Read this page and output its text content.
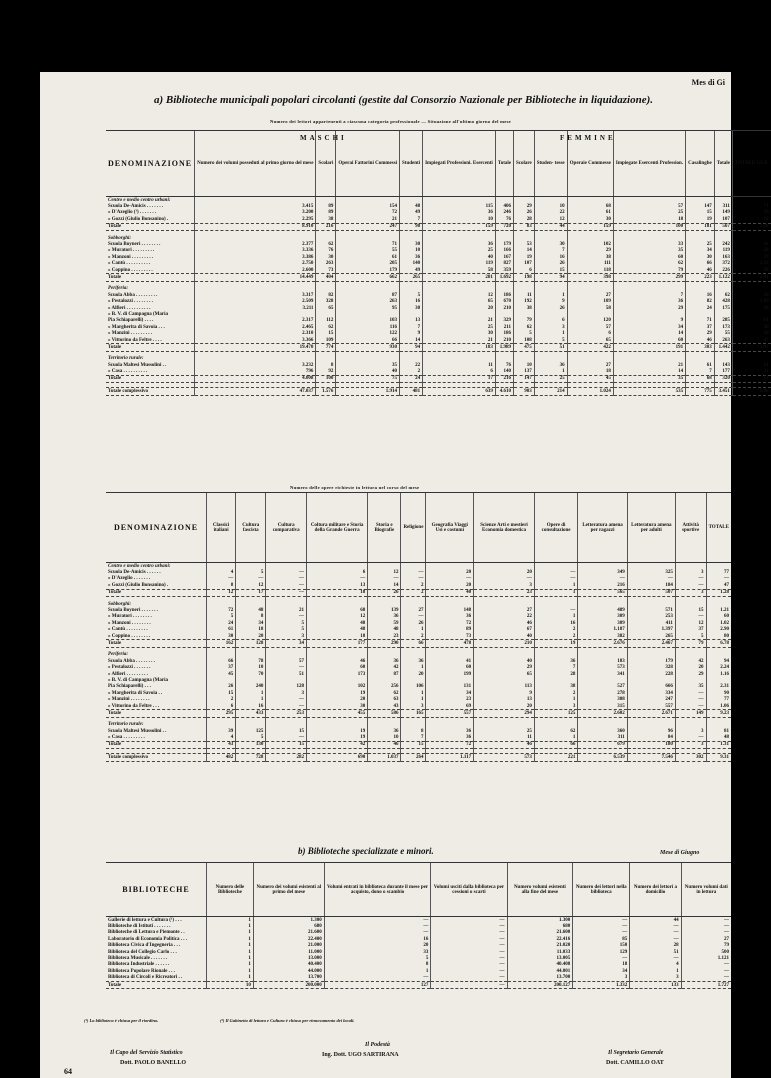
Mes di Gi
a) Biblioteche municipali popolari circolanti (gestite dal Consorzio Nazionale per Biblioteche in liquidazione).
Numero dei lettori appartenenti a ciascuna categoria professionale — Situazione all'ultimo giorno del mese
DENOMINAZIONE	Numero dei volumi posseduti al primo giorno del mese	Scolari	Operai Fattorini Commessi	Studenti	Impiegati Professioni. Esercenti	Totale	Scolare	Studen- tesse	Operaie Commesse	Impiegate Esercenti Profession.	Casalinghe	Totale	TOTALE GEN.
Centro e medio centro urbani:													
Scuola De-Amicis . . . . . . .	3.415	89	154	48	115	406	29	10	68	57	147	311	71
» D'Azeglio (¹) . . . . . . .	3.200	89	72	49	36	246	26	22	61	25	15	149	39
» Gozzi (Giulio Bonsanino) .	2.295	38	21	7	10	76	28	12	30	18	19	107	18
Totale	8.910	216	247	98	159	720	83	44	159	100	181	567	1.28

Sobborghi:													
Scuola Boyneri . . . . . . . .	2.377	62	71	30	36	179	53	30	102	33	25	242	42
» Muratori . . . . . . . . .	3.336	76	55	10	25	166	14	7	29	35	34	119	28
» Manzoni . . . . . . . . .	3.386	30	61	36	40	167	19	16	38	60	30	163	33
» Cantù . . . . . . . . . .	2.750	263	205	140	119	827	107	26	111	62	66	372	1.19
» Coppino . . . . . . . . .	2.600	73	179	49	58	359	6	15	118	79	46	226	58
Totale	14.449	404	662	265	281	1.692	198	94	398	299	223	1.122	2.81

Periferia:													
Scuola Abba . . . . . . . . .	3.317	82	87	5	12	186	11	1	27	7	16	62	24
» Pestalozzi . . . . . . . .	2.509	328	263	16	65	670	192	9	109	36	82	428	1.09
» Alfieri . . . . . . . . . .	3.211	65	95	30	20	210	38	26	58	29	24	175	38
» B. V. di Campagna (Maria													
Pia Schiaparelli) . . . .	2.317	112	103	13	21	329	79	6	120	9	71	285	61
» Margherita di Savoia . . .	2.465	62	116	7	25	211	62	3	57	34	37	173	38
» Manzini . . . . . . . . .	2.310	15	122	9	30	186	5	1	6	14	29	55	24
» Vittorino da Feltre . . . .	3.366	109	66	14	21	210	108	5	65	60	46	263	47
Totale	19.470	774	930	94	183	1.989	475	51	422	191	303	1.442	3.43

Territorio rurale:													
Scuola Maltesi Mussolini . .	3.232	8	35	22	11	76	10	36	27	21	61	143	21
» Casa . . . . . . . . . .	796	92	40	2	6	140	137	1	18	14	7	177	31
Totale	4.008	100	75	24	17	216	147	25	45	35	68	320	53

Totale complessivo	47.037	1.576	1.914	481	639	4.610	903	214	1.024	535	775	3.451	8.06
MASCHI	FEMMINE
Numero delle opere richieste in lettura nel corso del mese
DENOMINAZIONE	Classici italiani	Cultura fascista	Cultura comparativa	Coltura militare e Storia della Grande Guerra	Storia e Biografie	Religione	Geografia Viaggi Usi e costumi	Scienze Arti e mestieri Economia domestica	Opere di consultazione	Letteratura amena per ragazzi	Letteratura amena per adulti	Attività sportive	TOTALE
Centro e medio centro urbani:													
Scuola De-Amicis . . . . . .	4	5	—	6	12	—	20	20	—	349	325	3	77
» D'Azeglio . . . . . . .	—	—	—	—	—	—	—	—	—	—	—	—	—
» Gozzi (Giulio Bonsanino) .	8	12	—	13	14	2	20	3	1	216	184	—	47
Totale	12	17	—	18	26	2	40	23	1	565	507	3	1.28

Sobborghi:													
Scuola Boyneri . . . . . . .	72	48	21	68	139	27	148	27	—	489	571	15	1.21
» Muratori . . . . . . . .	5	8	—	12	36	—	36	22	1	309	253	—	60
» Manzoni . . . . . . . .	24	34	5	48	59	26	72	46	16	309	411	12	1.02
» Cantù . . . . . . . . .	61	18	5	48	48	1	89	67	2	1.187	1.397	37	2.90
» Coppino . . . . . . . .	30	20	3	18	23	2	73	40	2	382	265	5	80
Totale	162	128	34	177	290	66	478	210	19	2.676	2.467	79	6.78

Periferia:													
Scuola Abba . . . . . . . .	66	78	57	46	36	36	41	40	36	183	179	42	94
» Pestalozzi . . . . . . .	37	10	—	60	42	1	60	29	7	573	328	20	2.24
» Alfieri . . . . . . . . .	45	70	51	173	87	20	199	65	28	341	228	29	1.16
» B. V. di Campagna (Maria													
Pia Schiaparelli) . . .	26	240	128	102	256	106	131	113	38	527	666	35	2.31
» Margherita di Savoia . .	15	1	3	19	62	1	34	9	2	278	334	—	90
» Manzini . . . . . . . .	2	1	—	20	63	1	23	13	1	308	247	—	77
» Vittorino da Feltre . . .	6	16	—	30	43	3	69	20	3	315	557	—	1.06
Totale	295	433	253	455	586	165	557	294	125	2.602	2.671	149	9.23

Territorio rurale:													
Scuola Maltesi Mussolini . .	39	125	15	19	36	8	36	25	62	360	96	3	81
» Casa . . . . . . . . .	4	5	—	19	10	7	36	11	1	311	84	—	48
Totale	43	130	15	42	46	15	72	46	66	679	180	3	1.31

Totale complessivo	482	728	282	690	1.037	264	1.117	573	221	6.539	7.546	302	9.31
b) Biblioteche specializzate e minori.	Mese di Giugno
BIBLIOTECHE	Numero delle Biblioteche	Numero dei volumi esistenti al primo del mese	Volumi entrati in biblioteca durante il mese per acquisto, dono o scambio	Volumi usciti dalla biblioteca per cessioni o scarti	Numero volumi esistenti alla fine del mese	Numero dei lettori nella biblioteca	Numero dei lettori a domicilio	Numero volumi dati in lettura
Gallerie di lettura e Cultura (¹) . . .	1	1.300	—	—	1.300	—	44	—
Biblioteche di Istituti . . . . . . .	1	680	—	—	680	—	—	—
Biblioteche di Lettura e Piemonte . .	1	21.600	—	—	21.600	—	—	—
Laboratorio di Economia Politica . . .	1	22.400	16	—	22.416	85	—	27
Biblioteca Civica d'Ingegneria . . .	1	21.000	20	—	21.020	150	28	79
Biblioteca del Collegio Carlo . . .	1	11.000	33	—	11.033	129	51	500
Biblioteca Musicale . . . . . . .	1	13.000	5	—	13.005	—	—	1.121
Biblioteca Industriale . . . . . .	1	40.400	8	—	40.408	18	4	—
Biblioteca Popolare Rionale . . .	1	44.000	1	—	44.001	34	1	—
Biblioteca di Circoli e Ricreatori . .	1	13.700	—	—	13.700	3	3	—
Totale	10	200.000	127	—	200.127	1.332	133	1.727
(¹) La biblioteca è chiusa per il riordino.	(²) Il Gabinetto di lettura e Cultura è chiuso per rinnovamento dei locali.
Il Capo del Servizio Statistico
Dott. PAOLO BANELLO
Il Podestà
Ing. Dott. UGO SARTIRANA	Il Segretario Generale
Dott. CAMILLO OAT
64
